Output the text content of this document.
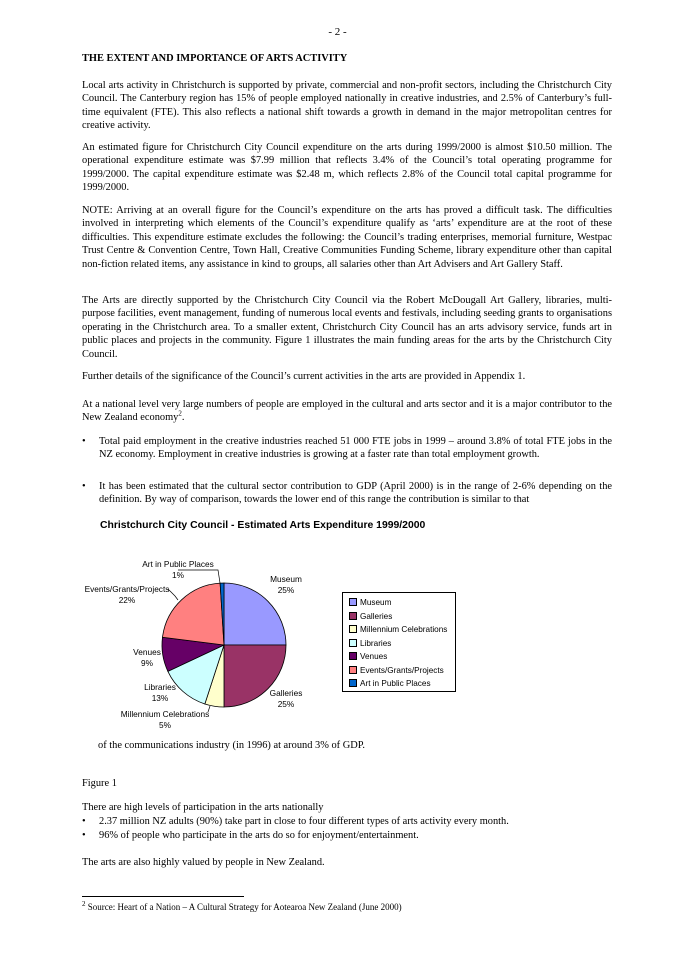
- 2 -
THE EXTENT AND IMPORTANCE OF ARTS ACTIVITY

Local arts activity in Christchurch is supported by private, commercial and non-profit sectors, including the Christchurch City Council. The Canterbury region has 15% of people employed nationally in creative industries, and 2.5% of Canterbury’s full-time equivalent (FTE). This also reflects a national shift towards a growth in demand in the major metropolitan centres for creative activity.

An estimated figure for Christchurch City Council expenditure on the arts during 1999/2000 is almost $10.50 million. The operational expenditure estimate was $7.99 million that reflects 3.4% of the Council’s total operating programme for 1999/2000. The capital expenditure estimate was $2.48 m, which reflects 2.8% of the Council total capital programme for 1999/2000.

NOTE: Arriving at an overall figure for the Council’s expenditure on the arts has proved a difficult task. The difficulties involved in interpreting which elements of the Council’s expenditure qualify as ‘arts’ expenditure are at the root of these difficulties. This expenditure estimate excludes the following: the Council’s trading enterprises, memorial furniture, Westpac Trust Centre & Convention Centre, Town Hall, Creative Communities Funding Scheme, library expenditure other than capital non-fiction related items, any assistance in kind to groups, all salaries other than Art Advisers and Art Gallery Staff.

The Arts are directly supported by the Christchurch City Council via the Robert McDougall Art Gallery, libraries, multi-purpose facilities, event management, funding of numerous local events and festivals, including seeding grants to organisations operating in the Christchurch area. To a smaller extent, Christchurch City Council has an arts advisory service, funds art in public places and projects in the community. Figure 1 illustrates the main funding areas for the arts by the Christchurch City Council.

Further details of the significance of the Council’s current activities in the arts are provided in Appendix 1.

At a national level very large numbers of people are employed in the cultural and arts sector and it is a major contributor to the New Zealand economy$^2$.

• Total paid employment in the creative industries reached 51 000 FTE jobs in 1999 – around 3.8% of total FTE jobs in the NZ economy. Employment in creative industries is growing at a faster rate than total employment growth.
• It has been estimated that the cultural sector contribution to GDP (April 2000) is in the range of 2-6% depending on the definition. By way of comparison, towards the lower end of this range the contribution is similar to that
Christchurch City Council - Estimated Arts Expenditure 1999/2000
Museum
25%
Galleries
25%
Millennium Celebrations
5%
Libraries
13%
Venues
9%
Events/Grants/Projects
22%
Art in Public Places
1%
Museum
Galleries
Millennium Celebrations
Libraries
Venues
Events/Grants/Projects
Art in Public Places

of the communications industry (in 1996) at around 3% of GDP.

Figure 1

There are high levels of participation in the arts nationally

• 2.37 million NZ adults (90%) take part in close to four different types of arts activity every month.
• 96% of people who participate in the arts do so for enjoyment/entertainment.

The arts are also highly valued by people in New Zealand.

$^2$ Source: Heart of a Nation – A Cultural Strategy for Aotearoa New Zealand (June 2000)
